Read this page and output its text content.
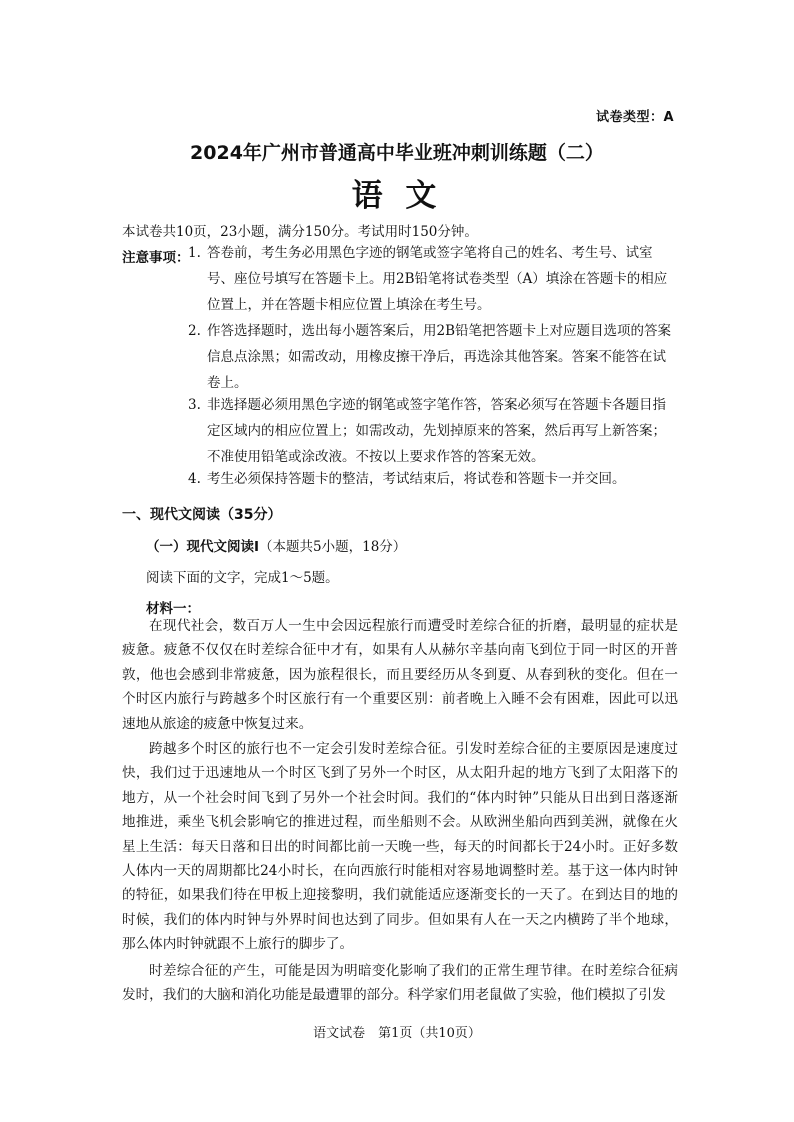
试卷类型：A
2024年广州市普通高中毕业班冲刺训练题（二）
语 文
本试卷共10页，23小题，满分150分。考试用时150分钟。
注意事项：
1. 答卷前，考生务必用黑色字迹的钢笔或签字笔将自己的姓名、考生号、试室号、座位号填写在答题卡上。用2B铅笔将试卷类型（A）填涂在答题卡的相应位置上，并在答题卡相应位置上填涂在考生号。
2. 作答选择题时，选出每小题答案后，用2B铅笔把答题卡上对应题目选项的答案信息点涂黑；如需改动，用橡皮擦干净后，再选涂其他答案。答案不能答在试卷上。
3. 非选择题必须用黑色字迹的钢笔或签字笔作答，答案必须写在答题卡各题目指定区域内的相应位置上；如需改动，先划掉原来的答案，然后再写上新答案；不准使用铅笔或涂改液。不按以上要求作答的答案无效。
4. 考生必须保持答题卡的整洁，考试结束后，将试卷和答题卡一并交回。
一、现代文阅读（35分）
（一）现代文阅读Ⅰ（本题共5小题，18分）
阅读下面的文字，完成1～5题。
材料一：
在现代社会，数百万人一生中会因远程旅行而遭受时差综合征的折磨，最明显的症状是疲惫。疲惫不仅仅在时差综合征中才有，如果有人从赫尔辛基向南飞到位于同一时区的开普敦，他也会感到非常疲惫，因为旅程很长，而且要经历从冬到夏、从春到秋的变化。但在一个时区内旅行与跨越多个时区旅行有一个重要区别：前者晚上入睡不会有困难，因此可以迅速地从旅途的疲惫中恢复过来。
跨越多个时区的旅行也不一定会引发时差综合征。引发时差综合征的主要原因是速度过快，我们过于迅速地从一个时区飞到了另外一个时区，从太阳升起的地方飞到了太阳落下的地方，从一个社会时间飞到了另外一个社会时间。我们的“体内时钟”只能从日出到日落逐渐地推进，乘坐飞机会影响它的推进过程，而坐船则不会。从欧洲坐船向西到美洲，就像在火星上生活：每天日落和日出的时间都比前一天晚一些，每天的时间都长于24小时。正好多数人体内一天的周期都比24小时长，在向西旅行时能相对容易地调整时差。基于这一体内时钟的特征，如果我们待在甲板上迎接黎明，我们就能适应逐渐变长的一天了。在到达目的地的时候，我们的体内时钟与外界时间也达到了同步。但如果有人在一天之内横跨了半个地球，那么体内时钟就跟不上旅行的脚步了。
时差综合征的产生，可能是因为明暗变化影响了我们的正常生理节律。在时差综合征病发时，我们的大脑和消化功能是最遭罪的部分。科学家们用老鼠做了实验，他们模拟了引发
语文试卷　第1页（共10页）
